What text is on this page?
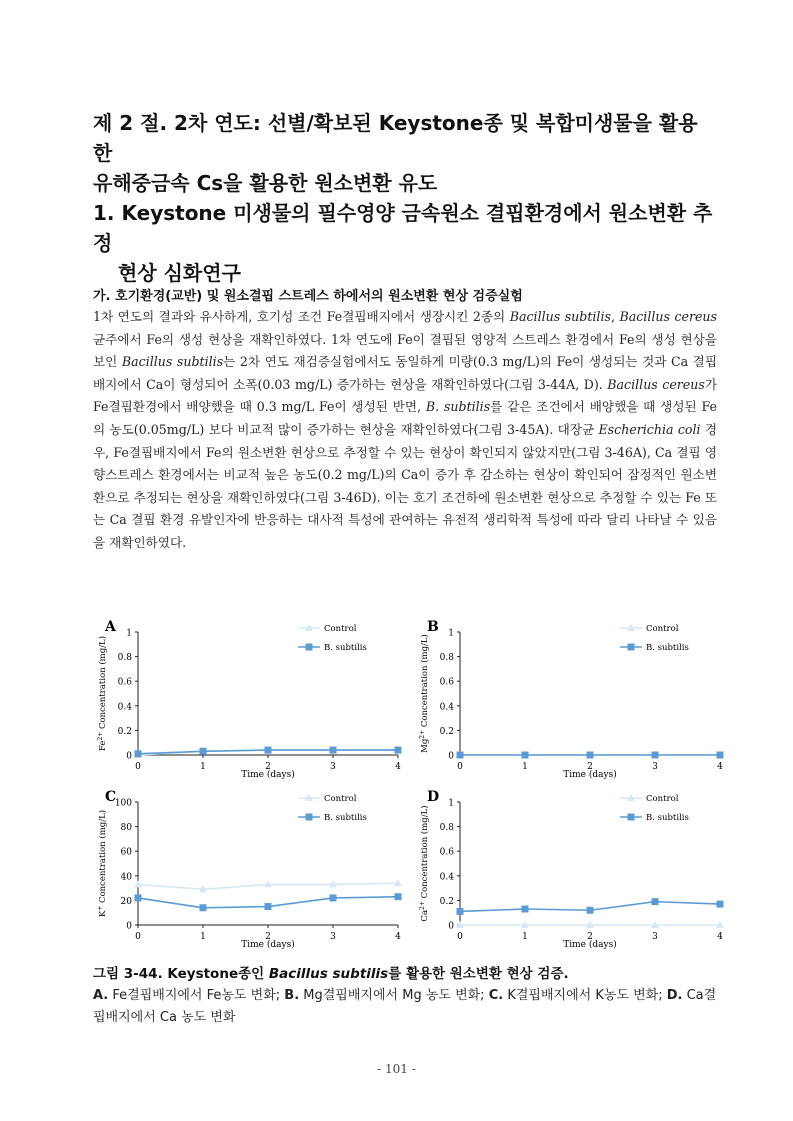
제 2 절. 2차 연도: 선별/확보된 Keystone종 및 복합미생물을 활용한
유해중금속 Cs을 활용한 원소변환 유도
1. Keystone 미생물의 필수영양 금속원소 결핍환경에서 원소변환 추정
현상 심화연구
가. 호기환경(교반) 및 원소결핍 스트레스 하에서의 원소변환 현상 검증실험

1차 연도의 결과와 유사하게, 호기성 조건 Fe결핍배지에서 생장시킨 2종의 Bacillus subtilis, Bacillus cereus 균주에서 Fe의 생성 현상을 재확인하였다. 1차 연도에 Fe이 결핍된 영양적 스트레스 환경에서 Fe의 생성 현상을 보인 Bacillus subtilis는 2차 연도 재검증실험에서도 동일하게 미량(0.3 mg/L)의 Fe이 생성되는 것과 Ca 결핍배지에서 Ca이 형성되어 소폭(0.03 mg/L) 증가하는 현상을 재확인하였다(그림 3-44A, D). Bacillus cereus가 Fe결핍환경에서 배양했을 때 0.3 mg/L Fe이 생성된 반면, B. subtilis를 같은 조건에서 배양했을 때 생성된 Fe의 농도(0.05mg/L) 보다 비교적 많이 증가하는 현상을 재확인하였다(그림 3-45A). 대장균 Escherichia coli 경우, Fe결핍배지에서 Fe의 원소변환 현상으로 추정할 수 있는 현상이 확인되지 않았지만(그림 3-46A), Ca 결핍 영향스트레스 환경에서는 비교적 높은 농도(0.2 mg/L)의 Ca이 증가 후 감소하는 현상이 확인되어 잠정적인 원소변환으로 추정되는 현상을 재확인하였다(그림 3-46D). 이는 호기 조건하에 원소변환 현상으로 추정할 수 있는 Fe 또는 Ca 결핍 환경 유발인자에 반응하는 대사적 특성에 관여하는 유전적 생리학적 특성에 따라 달리 나타날 수 있음을 재확인하였다.

A
0
0.2
0.4
0.6
0.8
1
0	1	2	3	4
Time (days)
$Fe^{2+}$ Concentration (mg/L)
Control
B. subtilis
B
0
0.2
0.4
0.6
0.8
1
0	1	2	3	4
Time (days)
$Mg^{2+}$ Concentration (mg/L)
Control
B. subtilis
C
0
20
40
60
80
100
0	1	2	3	4
Time (days)
K+ Concentration (mg/L)
Control
B. subtilis
D
0
0.2
0.4
0.6
0.8
1
0	1	2	3	4
Time (days)
$Ca^{2+}$ Concentration (mg/L)
Control
B. subtilis

그림 3-44. Keystone종인 Bacillus subtilis를 활용한 원소변환 현상 검증.

A. Fe결핍배지에서 Fe농도 변화; B. Mg결핍배지에서 Mg 농도 변화; C. K결핍배지에서 K농도 변화; D. Ca결핍배지에서 Ca 농도 변화

- 101 -
